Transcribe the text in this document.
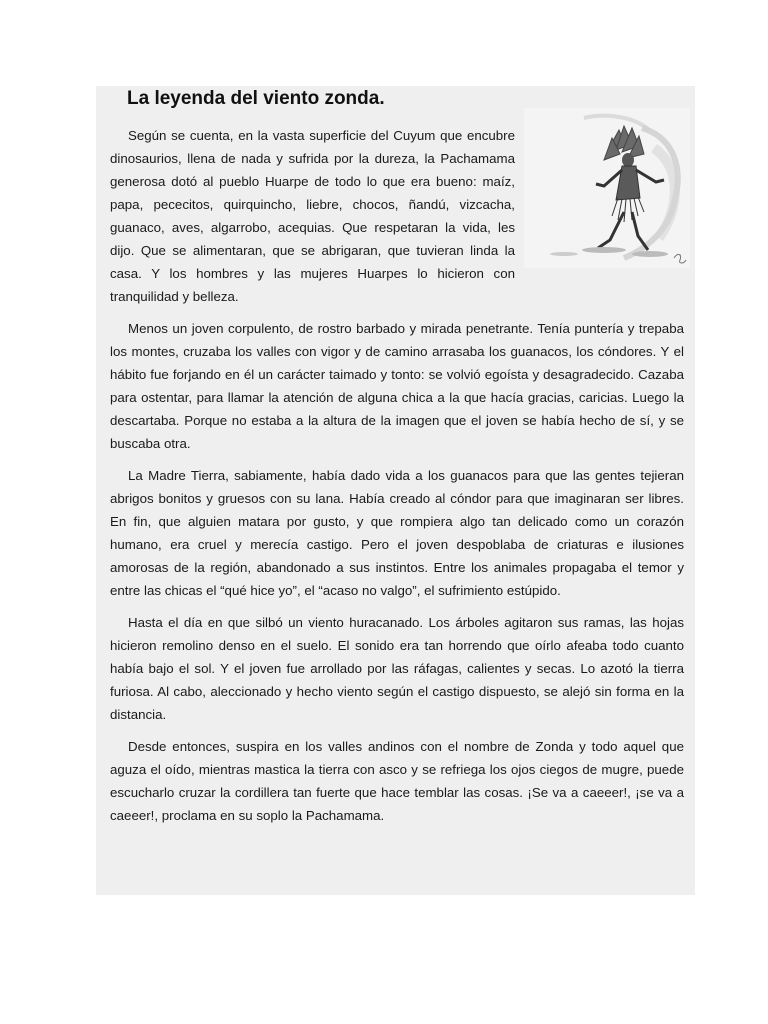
La leyenda del viento zonda.

Según se cuenta, en la vasta superficie del Cuyum que encubre dinosaurios, llena de nada y sufrida por la dureza, la Pachamama generosa dotó al pueblo Huarpe de todo lo que era bueno: maíz, papa, pececitos, quirquincho, liebre, chocos, ñandú, vizcacha, guanaco, aves, algarrobo, acequias. Que respetaran la vida, les dijo. Que se alimentaran, que se abrigaran, que tuvieran linda la casa. Y los hombres y las mujeres Huarpes lo hicieron con tranquilidad y belleza.

Menos un joven corpulento, de rostro barbado y mirada penetrante. Tenía puntería y trepaba los montes, cruzaba los valles con vigor y de camino arrasaba los guanacos, los cóndores. Y el hábito fue forjando en él un carácter taimado y tonto: se volvió egoísta y desagradecido. Cazaba para ostentar, para llamar la atención de alguna chica a la que hacía gracias, caricias. Luego la descartaba. Porque no estaba a la altura de la imagen que el joven se había hecho de sí, y se buscaba otra.

La Madre Tierra, sabiamente, había dado vida a los guanacos para que las gentes tejieran abrigos bonitos y gruesos con su lana. Había creado al cóndor para que imaginaran ser libres. En fin, que alguien matara por gusto, y que rompiera algo tan delicado como un corazón humano, era cruel y merecía castigo. Pero el joven despoblaba de criaturas e ilusiones amorosas de la región, abandonado a sus instintos. Entre los animales propagaba el temor y entre las chicas el “qué hice yo”, el “acaso no valgo”, el sufrimiento estúpido.

Hasta el día en que silbó un viento huracanado. Los árboles agitaron sus ramas, las hojas hicieron remolino denso en el suelo. El sonido era tan horrendo que oírlo afeaba todo cuanto había bajo el sol. Y el joven fue arrollado por las ráfagas, calientes y secas. Lo azotó la tierra furiosa. Al cabo, aleccionado y hecho viento según el castigo dispuesto, se alejó sin forma en la distancia.

Desde entonces, suspira en los valles andinos con el nombre de Zonda y todo aquel que aguza el oído, mientras mastica la tierra con asco y se refriega los ojos ciegos de mugre, puede escucharlo cruzar la cordillera tan fuerte que hace temblar las cosas. ¡Se va a caeeer!, ¡se va a caeeer!, proclama en su soplo la Pachamama.
